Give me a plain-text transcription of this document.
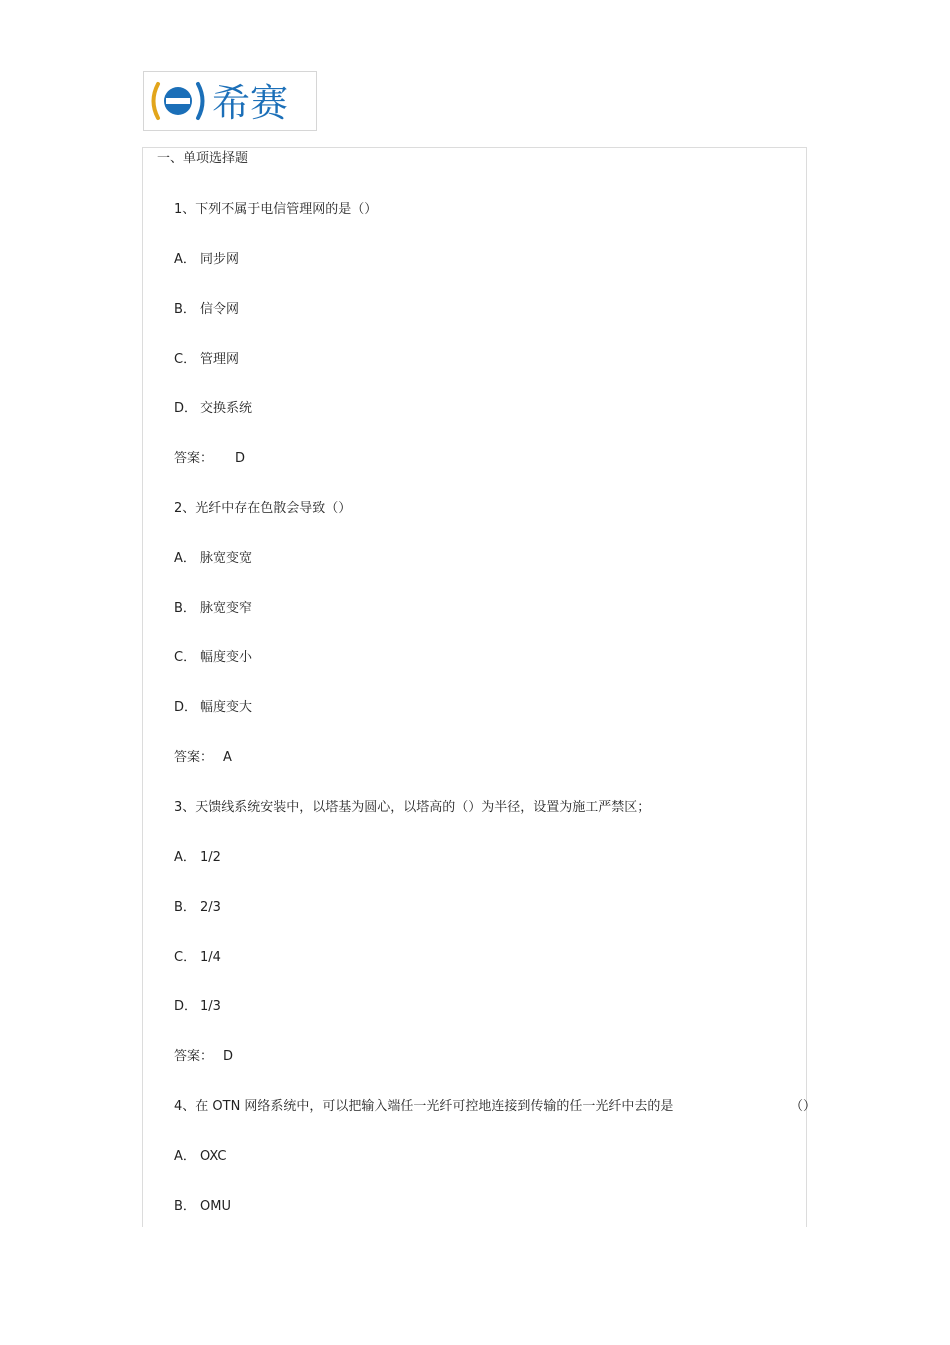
希赛
一、单项选择题
1、下列不属于电信管理网的是（）
A． 同步网
B． 信令网
C． 管理网
D． 交换系统
答案： D
2、光纤中存在色散会导致（）
A． 脉宽变宽
B． 脉宽变窄
C． 幅度变小
D． 幅度变大
答案： A
3、天馈线系统安装中，以塔基为圆心，以塔高的（）为半径，设置为施工严禁区；
A． 1/2
B． 2/3
C． 1/4
D． 1/3
答案： D
4、在 OTN 网络系统中，可以把输入端任一光纤可控地连接到传输的任一光纤中去的是	（）
A． OXC
B． OMU
